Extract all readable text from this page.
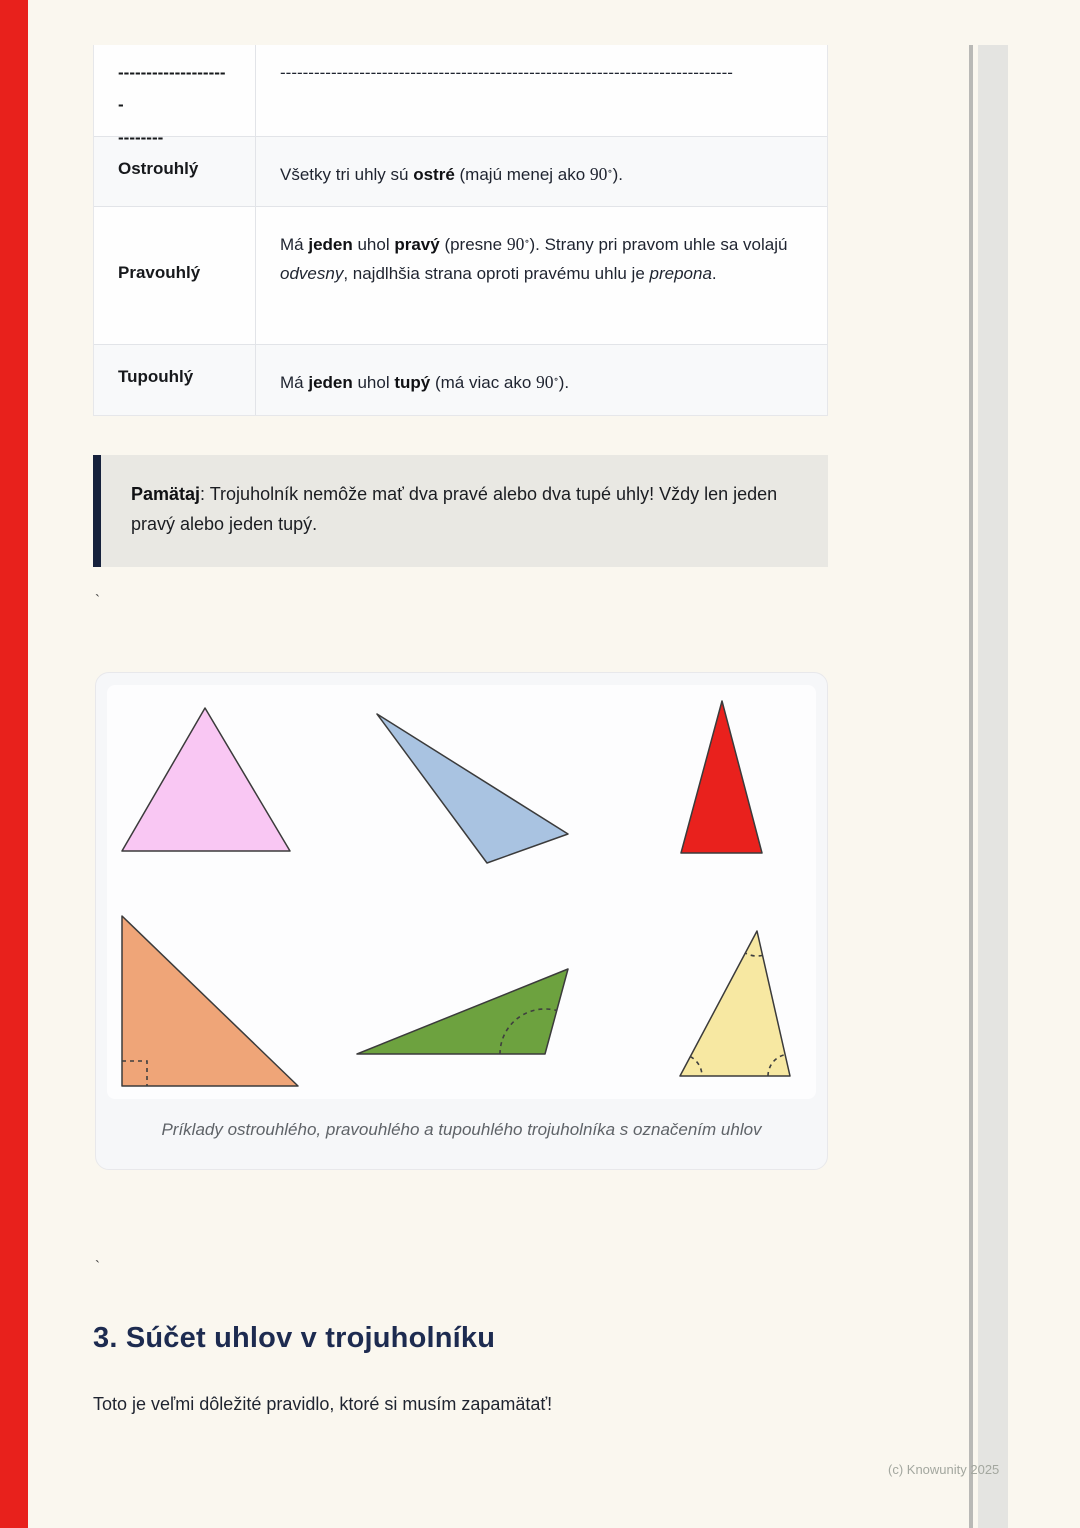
--------------------
--------
--------------------------------------------------------------------------------
Ostrouhlý	Všetky tri uhly sú ostré (majú menej ako 90∘).
Pravouhlý
Má jeden uhol pravý (presne 90∘). Strany pri pravom uhle sa volajú odvesny, najdlhšia strana oproti pravému uhlu je prepona.
Tupouhlý	Má jeden uhol tupý (má viac ako 90∘).
Pamätaj: Trojuholník nemôže mať dva pravé alebo dva tupé uhly! Vždy len jeden pravý alebo jeden tupý.
`
Príklady ostrouhlého, pravouhlého a tupouhlého trojuholníka s označením uhlov
`
3. Súčet uhlov v trojuholníku

Toto je veľmi dôležité pravidlo, ktoré si musím zapamätať!

(c) Knowunity 2025
